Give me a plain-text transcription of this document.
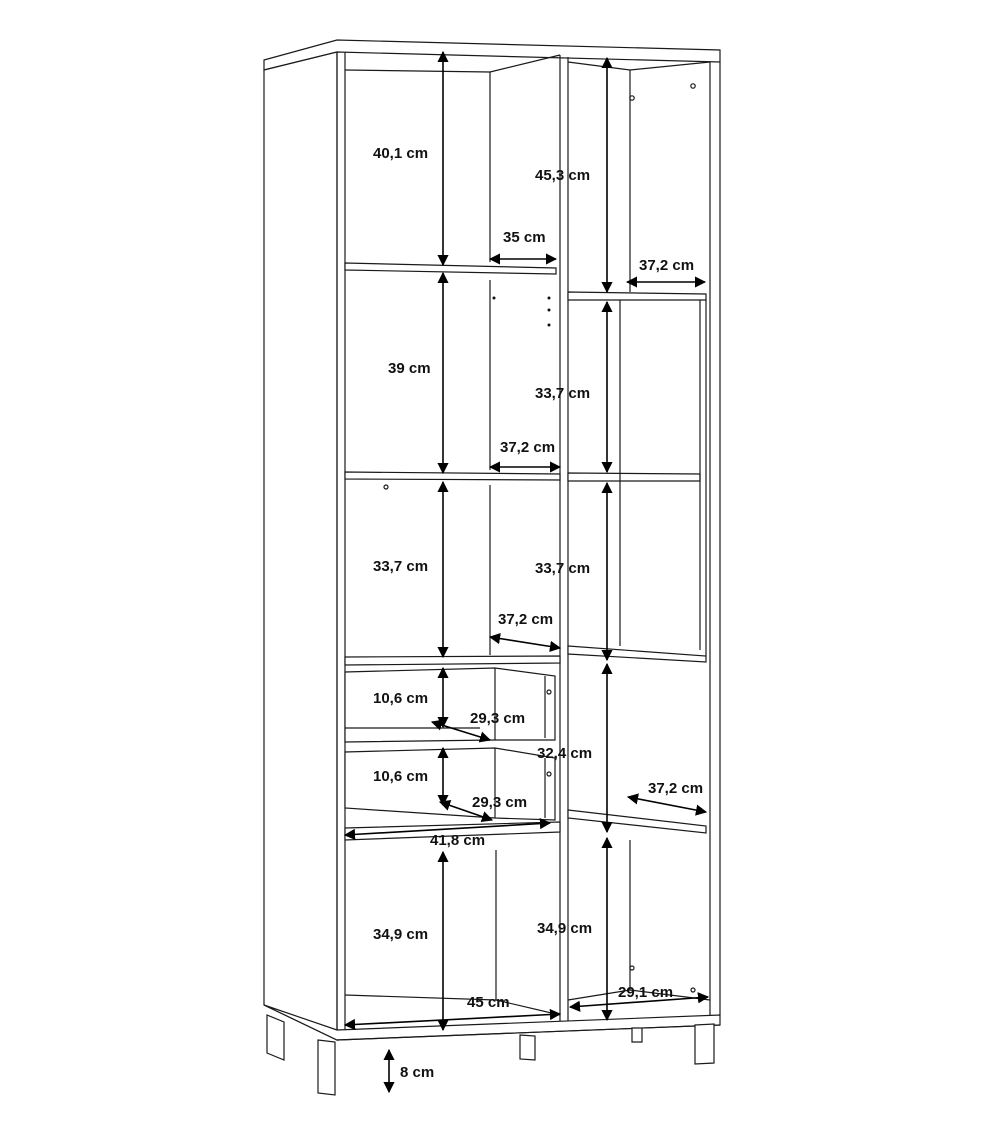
40,1 cm
35 cm
45,3 cm
37,2 cm
39 cm
33,7 cm
37,2 cm
33,7 cm	33,7 cm
37,2 cm
10,6 cm
29,3 cm
32,4 cm
10,6 cm
29,3 cm
37,2 cm
41,8 cm
34,9 cm	34,9 cm
45 cm
29,1 cm
8 cm
